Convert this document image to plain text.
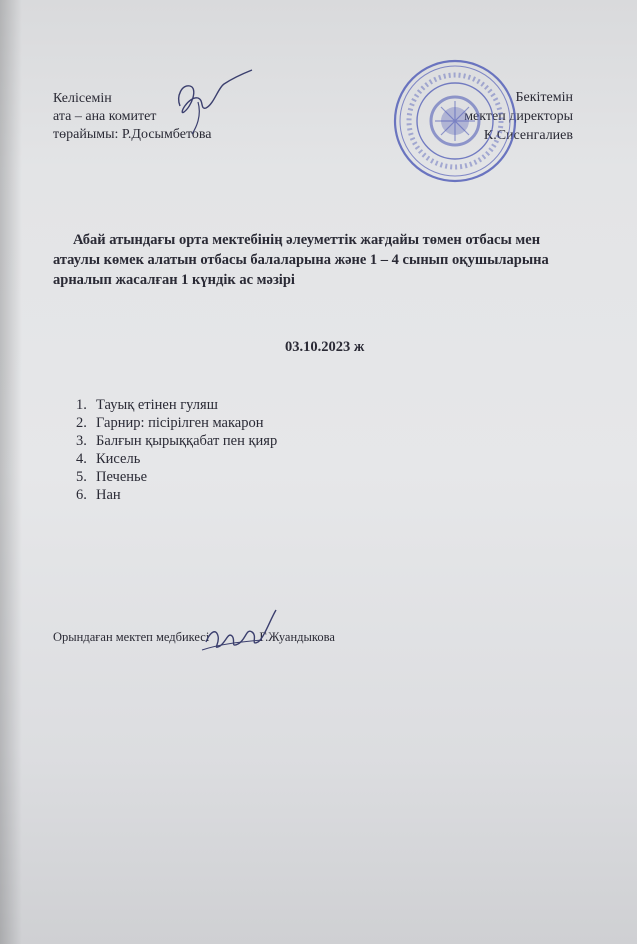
Келісемін
ата – ана комитет
төрайымы: Р.Досымбетова
Бекітемін
мектеп директоры
К.Сисенгалиев
Абай атындағы орта мектебінің әлеуметтік жағдайы төмен отбасы мен
атаулы көмек алатын отбасы балаларына және 1 – 4 сынып оқушыларына
арналып жасалған 1 күндік ас мәзірі
03.10.2023 ж
1. Тауық етінен гуляш
2. Гарнир: пісірілген макарон
3. Балғын қырыққабат пен қияр
4. Кисель
5. Печенье
6. Нан
Орындаған мектеп медбикесі	Г.Жуандыкова
